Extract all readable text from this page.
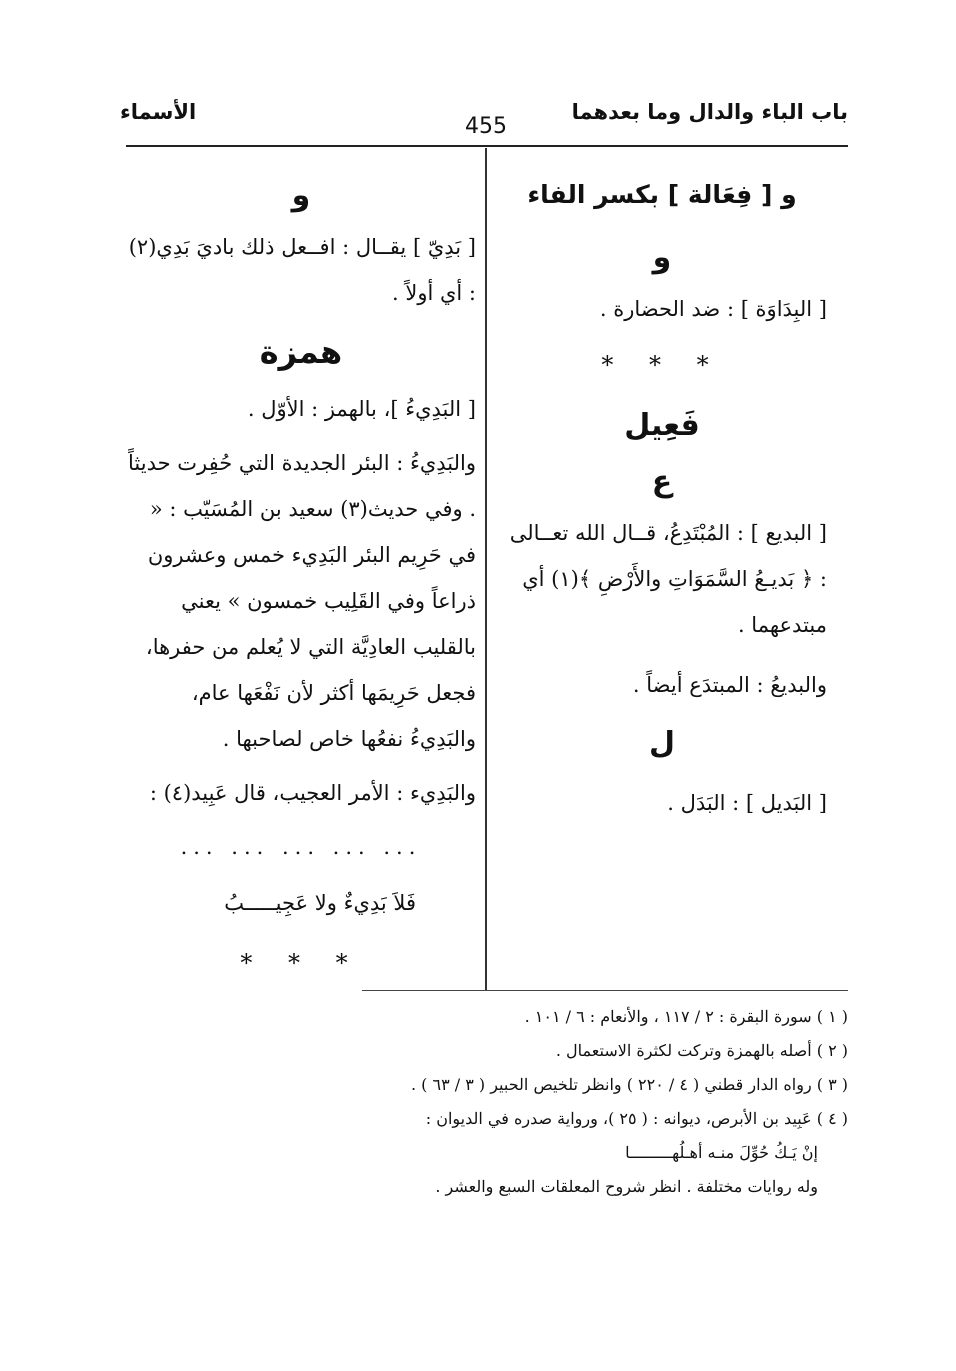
باب الباء والدال وما بعدهما
455
الأسماء
و [ فِعَالة ] بكسر الفاء
و

[ البِدَاوَة ] : ضد الحضارة .

* * *
فَعِيل
ع

[ البديع ] : المُبْتَدِعُ، قــال الله تعــالى : ﴿ بَديـعُ السَّمَوَاتِ والأَرْضِ ﴾(١) أي مبتدعهما .

والبديعُ : المبتدَع أيضاً .

ل

[ البَديل ] : البَدَل .

و

[ بَدِيّ ] يقــال : افــعل ذلك باديَ بَدِي(٢) : أي أولاً .

همزة

[ البَدِيءُ ]، بالهمز : الأوّل .

والبَدِيءُ : البئر الجديدة التي حُفِرت حديثاً . وفي حديث(٣) سعيد بن المُسَيّب : « في حَرِيم البئر البَدِيء خمس وعشرون ذراعاً وفي القَلِيب خمسون » يعني بالقليب العادِيَّة التي لا يُعلم من حفرها، فجعل حَرِيمَها أكثر لأن نَفْعَها عام، والبَدِيءُ نفعُها خاص لصاحبها .

والبَدِيء : الأمر العجيب، قال عَبِيد(٤) :

... ... ... ... ...
فَلاَ بَدِيءٌ ولا عَجِيـــــبُ
* * *
( ١ ) سورة البقرة : ٢ / ١١٧ ، والأنعام : ٦ / ١٠١ .
( ٢ ) أصله بالهمزة وتركت لكثرة الاستعمال .
( ٣ ) رواه الدار قطني ( ٤ / ٢٢٠ ) وانظر تلخيص الحبير ( ٣ / ٦٣ ) .
( ٤ ) عَبِيد بن الأبرص، ديوانه : ( ٢٥ )، ورواية صدره في الديوان :
إنْ يَـكُ حُوِّلَ منـه أهـلُهـــــــــا
وله روايات مختلفة . انظر شروح المعلقات السبع والعشر .
